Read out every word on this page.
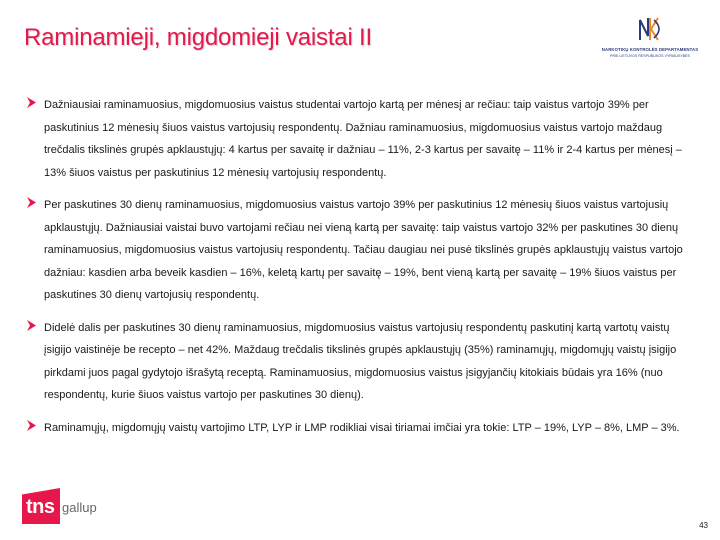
Raminamieji, migdomieji vaistai II	NARKOTIKŲ KONTROLĖS DEPARTAMENTAS
PRIE LIETUVOS RESPUBLIKOS VYRIAUSYBĖS

Dažniausiai raminamuosius, migdomuosius vaistus studentai vartojo kartą per mėnesį ar rečiau: taip vaistus vartojo 39% per paskutinius 12 mėnesių šiuos vaistus vartojusių respondentų. Dažniau raminamuosius, migdomuosius vaistus vartojo maždaug trečdalis tikslinės grupės apklaustųjų: 4 kartus per savaitę ir dažniau – 11%, 2-3 kartus per savaitę – 11% ir 2-4 kartus per mėnesį – 13% šiuos vaistus per paskutinius 12 mėnesių vartojusių respondentų.

Per paskutines 30 dienų raminamuosius, migdomuosius vaistus vartojo 39% per paskutinius 12 mėnesių šiuos vaistus vartojusių apklaustųjų. Dažniausiai vaistai buvo vartojami rečiau nei vieną kartą per savaitę: taip vaistus vartojo 32% per paskutines 30 dienų raminamuosius, migdomuosius vaistus vartojusių respondentų. Tačiau daugiau nei pusė tikslinės grupės apklaustųjų vaistus vartojo dažniau: kasdien arba beveik kasdien – 16%, keletą kartų per savaitę – 19%, bent vieną kartą per savaitę – 19% šiuos vaistus per paskutines 30 dienų vartojusių respondentų.

Didelė dalis per paskutines 30 dienų raminamuosius, migdomuosius vaistus vartojusių respondentų paskutinį kartą vartotų vaistų įsigijo vaistinėje be recepto – net 42%. Maždaug trečdalis tikslinės grupės apklaustųjų (35%) raminamųjų, migdomųjų vaistų įsigijo pirkdami juos pagal gydytojo išrašytą receptą. Raminamuosius, migdomuosius vaistus įsigyjančių kitokiais būdais yra 16% (nuo respondentų, kurie šiuos vaistus vartojo per paskutines 30 dienų).

Raminamųjų, migdomųjų vaistų vartojimo LTP, LYP ir LMP rodikliai visai tiriamai imčiai yra tokie: LTP – 19%, LYP – 8%, LMP – 3%.

tns gallup
43
